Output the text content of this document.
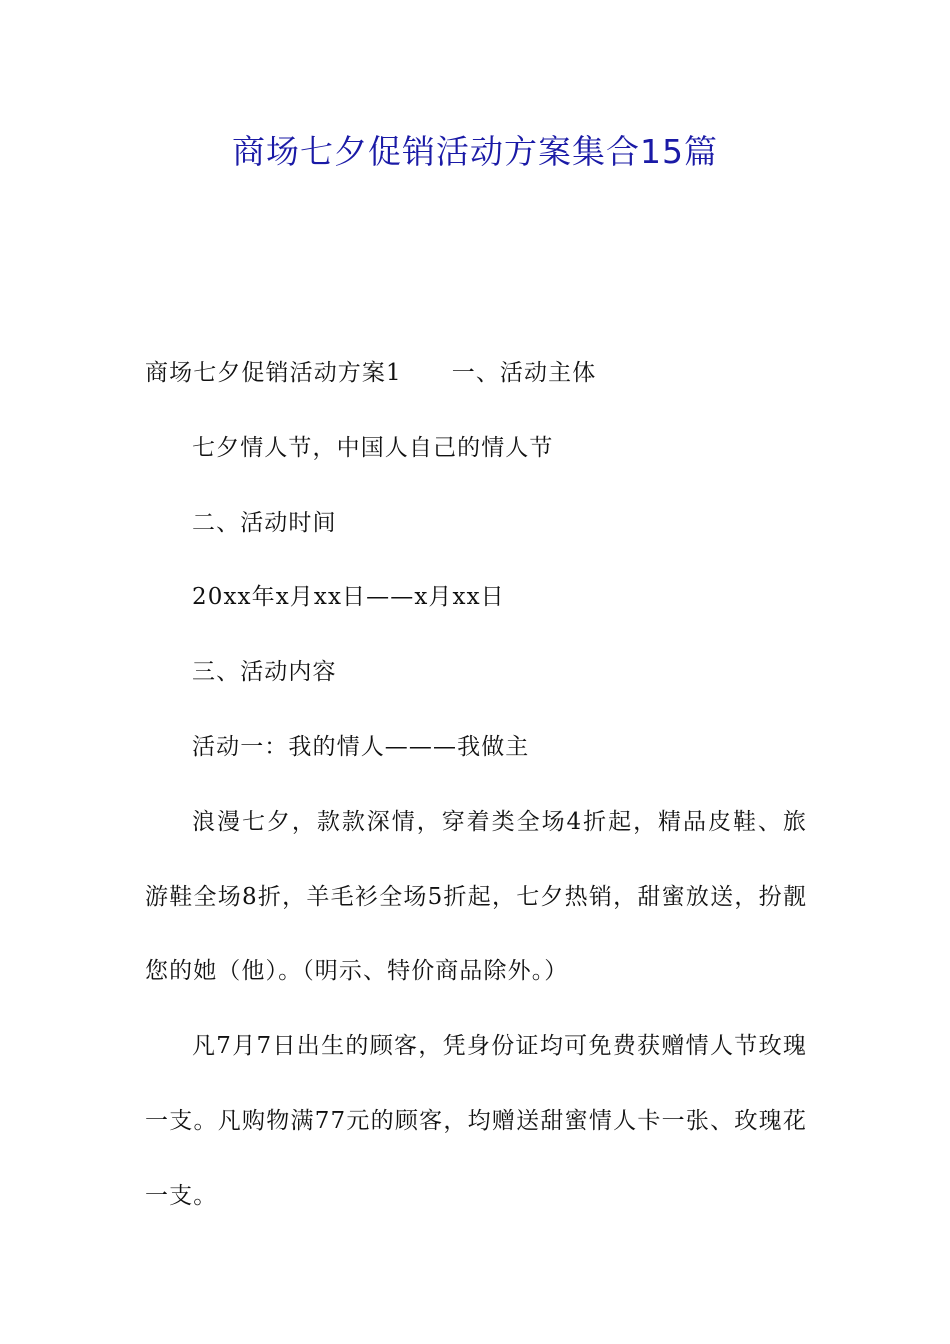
商场七夕促销活动方案集合15篇

商场七夕促销活动方案1 一、活动主体

七夕情人节，中国人自己的情人节

二、活动时间

20xx年x月xx日——x月xx日

三、活动内容

活动一：我的情人———我做主

浪漫七夕，款款深情，穿着类全场4折起，精品皮鞋、旅游鞋全场8折，羊毛衫全场5折起，七夕热销，甜蜜放送，扮靓您的她（他）。（明示、特价商品除外。）

凡7月7日出生的顾客，凭身份证均可免费获赠情人节玫瑰一支。凡购物满77元的顾客，均赠送甜蜜情人卡一张、玫瑰花一支。
